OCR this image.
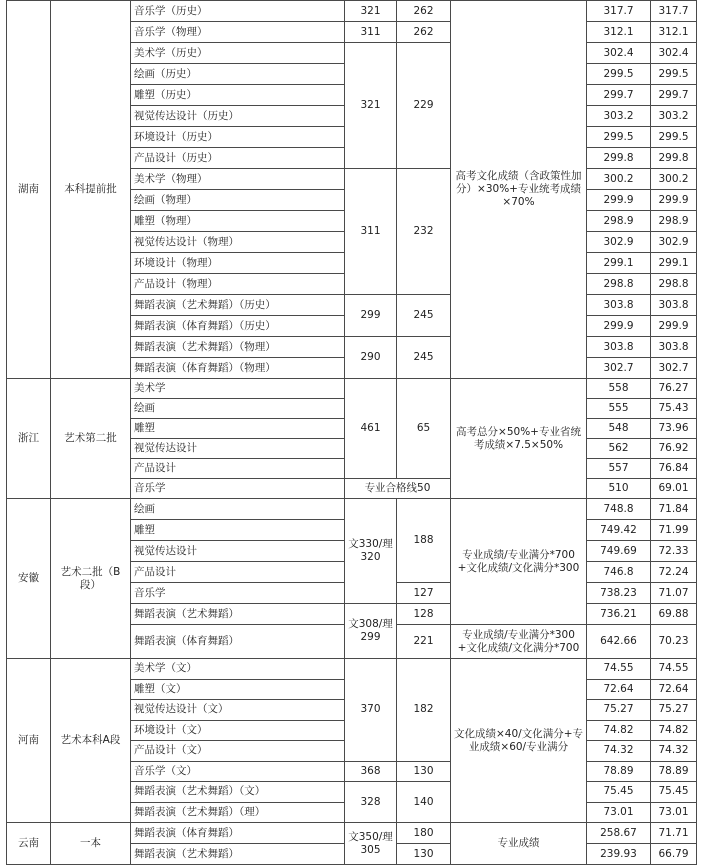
湖南	本科提前批	音乐学（历史）	321	262	高考文化成绩（含政策性加分）×30%+专业统考成绩×70%	317.7	317.7
		音乐学（物理）	311	262		312.1	312.1
		美术学（历史）	321	229		302.4	302.4
		绘画（历史）				299.5	299.5
		雕塑（历史）				299.7	299.7
		视觉传达设计（历史）				303.2	303.2
		环境设计（历史）				299.5	299.5
		产品设计（历史）				299.8	299.8
		美术学（物理）	311	232		300.2	300.2
		绘画（物理）				299.9	299.9
		雕塑（物理）				298.9	298.9
		视觉传达设计（物理）				302.9	302.9
		环境设计（物理）				299.1	299.1
		产品设计（物理）				298.8	298.8
		舞蹈表演（艺术舞蹈）（历史）	299	245		303.8	303.8
		舞蹈表演（体育舞蹈）（历史）				299.9	299.9
		舞蹈表演（艺术舞蹈）（物理）	290	245		303.8	303.8
		舞蹈表演（体育舞蹈）（物理）				302.7	302.7
浙江	艺术第二批	美术学	461	65	高考总分×50%+专业省统考成绩×7.5×50%	558	76.27
		绘画				555	75.43
		雕塑				548	73.96
		视觉传达设计				562	76.92
		产品设计				557	76.84
		音乐学	专业合格线50			510	69.01
安徽	艺术二批（B段）	绘画	文330/理320	188	专业成绩/专业满分*700+文化成绩/文化满分*300	748.8	71.84
		雕塑				749.42	71.99
		视觉传达设计				749.69	72.33
		产品设计				746.8	72.24
		音乐学		127		738.23	71.07
		舞蹈表演（艺术舞蹈）	文308/理299	128		736.21	69.88
		舞蹈表演（体育舞蹈）		221	专业成绩/专业满分*300+文化成绩/文化满分*700	642.66	70.23
河南	艺术本科A段	美术学（文）	370	182	文化成绩×40/文化满分+专业成绩×60/专业满分	74.55	74.55
		雕塑（文）				72.64	72.64
		视觉传达设计（文）				75.27	75.27
		环境设计（文）				74.82	74.82
		产品设计（文）				74.32	74.32
		音乐学（文）	368	130		78.89	78.89
		舞蹈表演（艺术舞蹈）（文）	328	140		75.45	75.45
		舞蹈表演（艺术舞蹈）（理）				73.01	73.01
云南	一本	舞蹈表演（体育舞蹈）	文350/理305	180	专业成绩	258.67	71.71
		舞蹈表演（艺术舞蹈）		130		239.93	66.79
